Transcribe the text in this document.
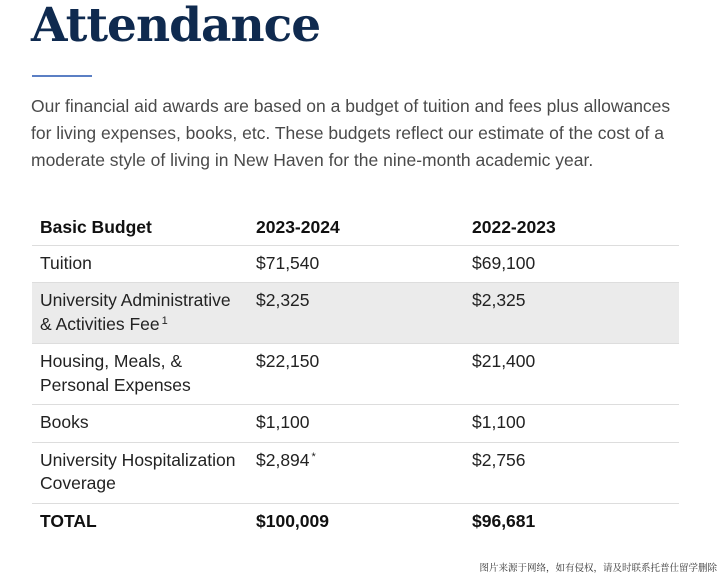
Attendance

Our financial aid awards are based on a budget of tuition and fees plus allowances for living expenses, books, etc. These budgets reflect our estimate of the cost of a moderate style of living in New Haven for the nine-month academic year.

Basic Budget	2023-2024	2022-2023
Tuition	$71,540	$69,100
University Administrative & Activities Fee $^1$	$2,325	$2,325
Housing, Meals, & Personal Expenses	$22,150	$21,400
Books	$1,100	$1,100
University Hospitalization Coverage	$2,894 *	$2,756
TOTAL	$100,009	$96,681
图片来源于网络，如有侵权，请及时联系托普仕留学删除
